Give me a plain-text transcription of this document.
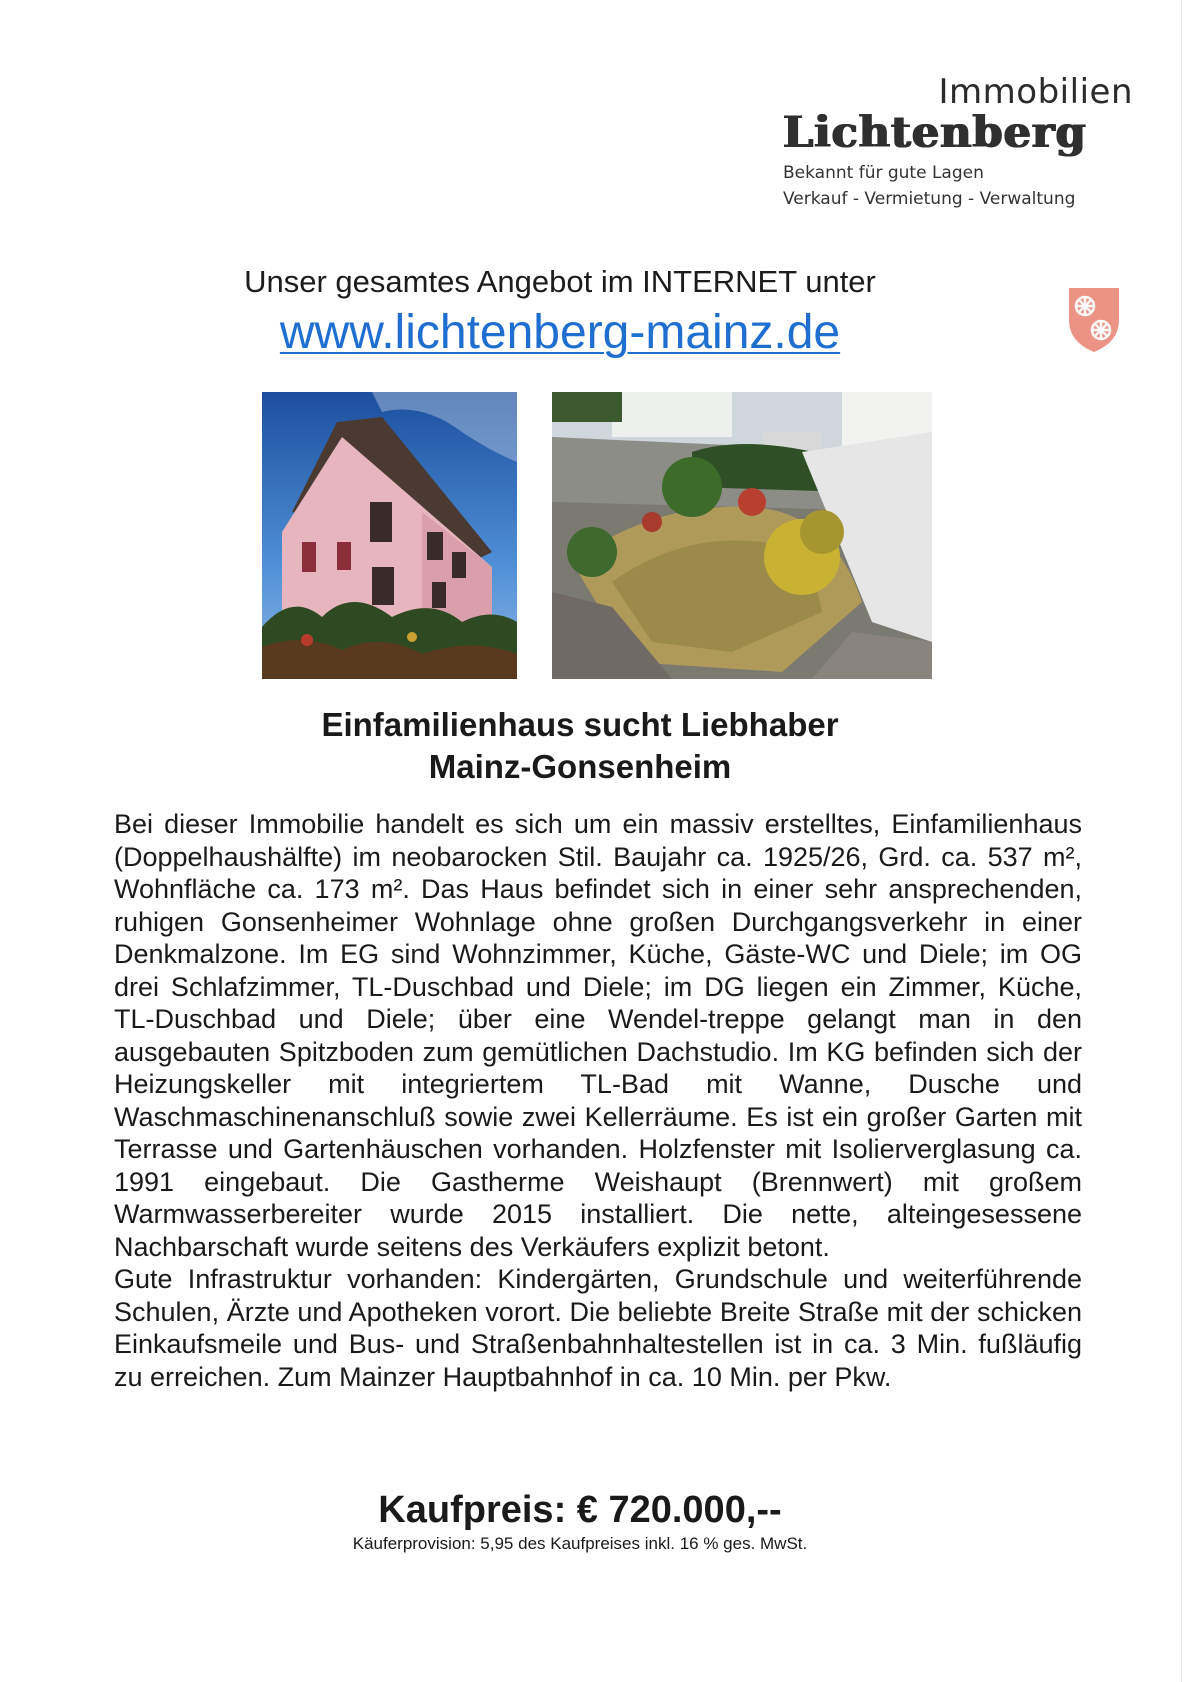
Immobilien
Lichtenberg
Bekannt für gute Lagen
Verkauf - Vermietung - Verwaltung
Unser gesamtes Angebot im INTERNET unter
www.lichtenberg-mainz.de
Einfamilienhaus sucht Liebhaber
Mainz-Gonsenheim

Bei dieser Immobilie handelt es sich um ein massiv erstelltes, Einfamilienhaus (Doppelhaushälfte) im neobarocken Stil. Baujahr ca. 1925/26, Grd. ca. 537 m², Wohnfläche ca. 173 m². Das Haus befindet sich in einer sehr ansprechenden, ruhigen Gonsenheimer Wohnlage ohne großen Durchgangsverkehr in einer Denkmalzone. Im EG sind Wohnzimmer, Küche, Gäste-WC und Diele; im OG drei Schlafzimmer, TL-Duschbad und Diele; im DG liegen ein Zimmer, Küche, TL-Duschbad und Diele; über eine Wendel-treppe gelangt man in den ausgebauten Spitzboden zum gemütlichen Dachstudio. Im KG befinden sich der Heizungskeller mit integriertem TL-Bad mit Wanne, Dusche und Waschmaschinenanschluß sowie zwei Kellerräume. Es ist ein großer Garten mit Terrasse und Gartenhäuschen vorhanden. Holzfenster mit Isolierverglasung ca. 1991 eingebaut. Die Gastherme Weishaupt (Brennwert) mit großem Warmwasserbereiter wurde 2015 installiert. Die nette, alteingesessene Nachbarschaft wurde seitens des Verkäufers explizit betont.

Gute Infrastruktur vorhanden: Kindergärten, Grundschule und weiterführende Schulen, Ärzte und Apotheken vorort. Die beliebte Breite Straße mit der schicken Einkaufsmeile und Bus- und Straßenbahnhaltestellen ist in ca. 3 Min. fußläufig zu erreichen. Zum Mainzer Hauptbahnhof in ca. 10 Min. per Pkw.

Kaufpreis: € 720.000,--
Käuferprovision: 5,95 des Kaufpreises inkl. 16 % ges. MwSt.
